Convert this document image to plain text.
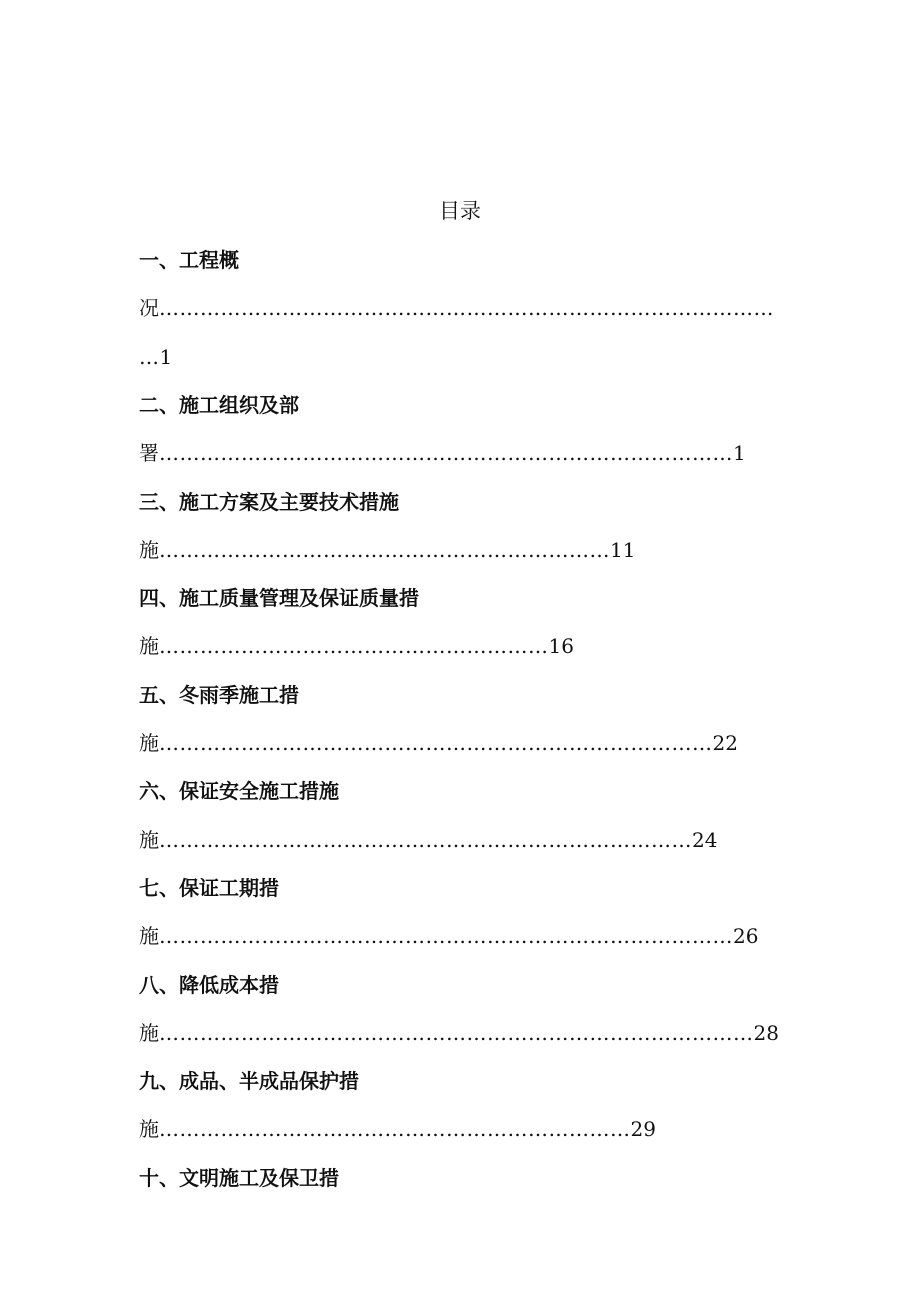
目录
一、工程概
况………………………………………………………………………………
…1
二、施工组织及部
署…………………………………………………………………………1
三、施工方案及主要技术措施
施…………………………………………………………11
四、施工质量管理及保证质量措
施…………………………………………………16
五、冬雨季施工措
施………………………………………………………………………22
六、保证安全施工措施
施……………………………………………………………………24
七、保证工期措
施…………………………………………………………………………26
八、降低成本措
施……………………………………………………………………………28
九、成品、半成品保护措
施……………………………………………………………29
十、文明施工及保卫措
